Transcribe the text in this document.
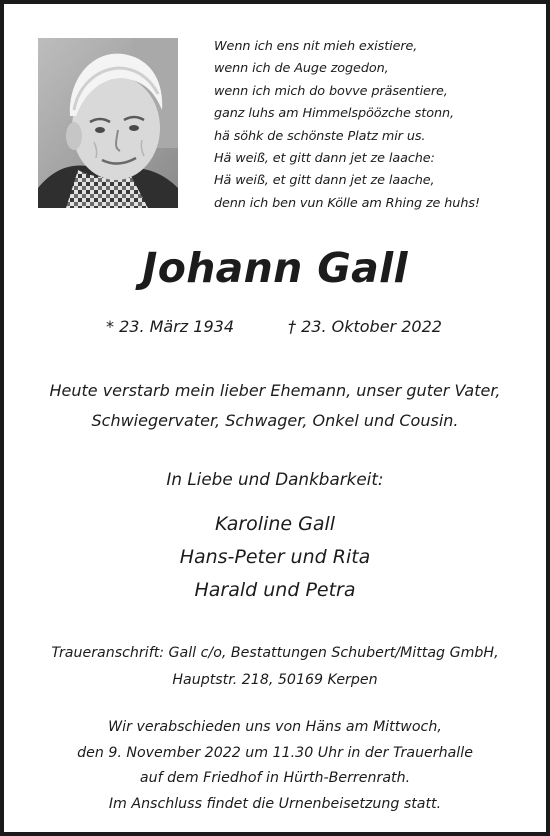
Wenn ich ens nit mieh existiere,
wenn ich de Auge zogedon,
wenn ich mich do bovve präsentiere,
ganz luhs am Himmelspöözche stonn,
hä söhk de schönste Platz mir us.
Hä weiß, et gitt dann jet ze laache:
Hä weiß, et gitt dann jet ze laache,
denn ich ben vun Kölle am Rhing ze huhs!
Johann Gall
* 23. März 1934	† 23. Oktober 2022
Heute verstarb mein lieber Ehemann, unser guter Vater,
Schwiegervater, Schwager, Onkel und Cousin.
In Liebe und Dankbarkeit:
Karoline Gall
Hans-Peter und Rita
Harald und Petra
Traueranschrift: Gall c/o, Bestattungen Schubert/Mittag GmbH,
Hauptstr. 218, 50169 Kerpen
Wir verabschieden uns von Häns am Mittwoch,
den 9. November 2022 um 11.30 Uhr in der Trauerhalle
auf dem Friedhof in Hürth-Berrenrath.
Im Anschluss findet die Urnenbeisetzung statt.
